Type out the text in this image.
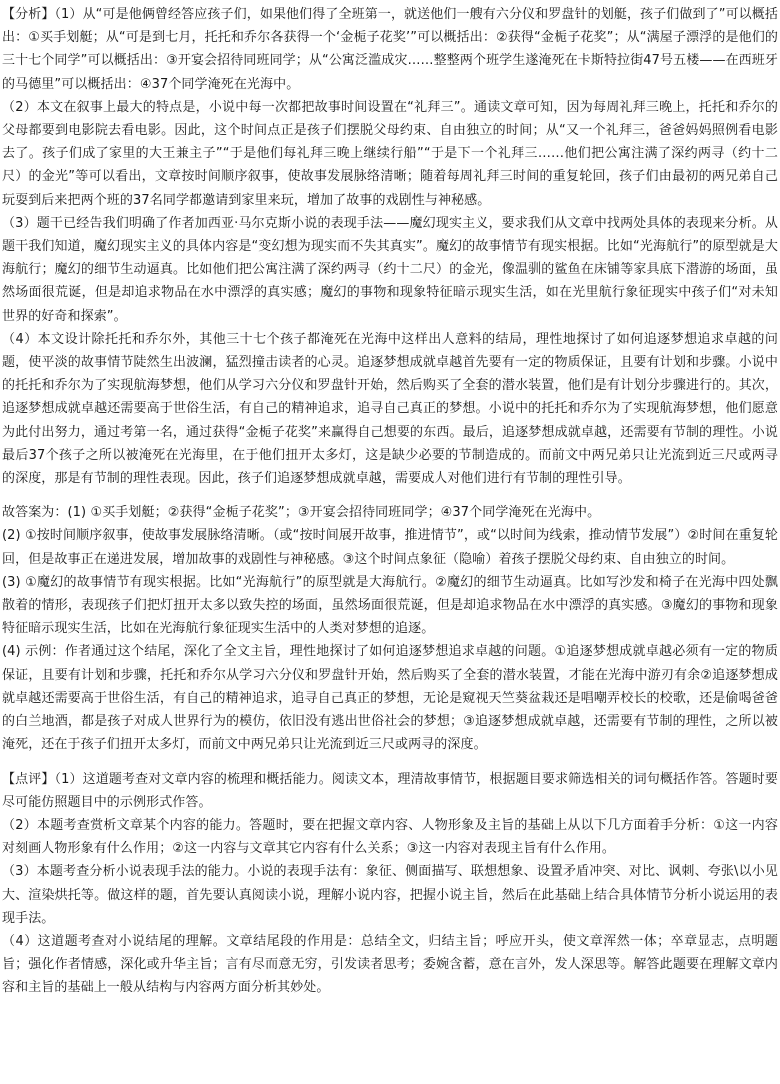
【分析】（1）从“可是他俩曾经答应孩子们，如果他们得了全班第一，就送他们一艘有六分仪和罗盘针的划艇，孩子们做到了”可以概括出：①买手划艇；从“可是到七月，托托和乔尔各获得一个‘金栀子花奖’”可以概括出：②获得“金栀子花奖”；从“满屋子漂浮的是他们的三十七个同学”可以概括出：③开宴会招待同班同学；从“公寓泛滥成灾……整整两个班学生遂淹死在卡斯特拉街47号五楼——在西班牙的马德里”可以概括出：④37个同学淹死在光海中。

（2）本文在叙事上最大的特点是，小说中每一次都把故事时间设置在“礼拜三”。通读文章可知，因为每周礼拜三晚上，托托和乔尔的父母都要到电影院去看电影。因此，这个时间点正是孩子们摆脱父母约束、自由独立的时间；从“又一个礼拜三，爸爸妈妈照例看电影去了。孩子们成了家里的大王兼主子”“于是他们每礼拜三晚上继续行船”“于是下一个礼拜三……他们把公寓注满了深约两寻（约十二尺）的金光”等可以看出，文章按时间顺序叙事，使故事发展脉络清晰；随着每周礼拜三时间的重复轮回，孩子们由最初的两兄弟自己玩耍到后来把两个班的37名同学都邀请到家里来玩，增加了故事的戏剧性与神秘感。

（3）题干已经告我们明确了作者加西亚·马尔克斯小说的表现手法——魔幻现实主义，要求我们从文章中找两处具体的表现来分析。从题干我们知道，魔幻现实主义的具体内容是“变幻想为现实而不失其真实”。魔幻的故事情节有现实根据。比如“光海航行”的原型就是大海航行；魔幻的细节生动逼真。比如他们把公寓注满了深约两寻（约十二尺）的金光，像温驯的鲨鱼在床铺等家具底下潜游的场面，虽然场面很荒诞，但是却追求物品在水中漂浮的真实感；魔幻的事物和现象特征暗示现实生活，如在光里航行象征现实中孩子们“对未知世界的好奇和探索”。

（4）本文设计除托托和乔尔外，其他三十七个孩子都淹死在光海中这样出人意料的结局，理性地探讨了如何追逐梦想追求卓越的问题，使平淡的故事情节陡然生出波澜，猛烈撞击读者的心灵。追逐梦想成就卓越首先要有一定的物质保证，且要有计划和步骤。小说中的托托和乔尔为了实现航海梦想，他们从学习六分仪和罗盘针开始，然后购买了全套的潜水装置，他们是有计划分步骤进行的。其次，追逐梦想成就卓越还需要高于世俗生活，有自己的精神追求，追寻自己真正的梦想。小说中的托托和乔尔为了实现航海梦想，他们愿意为此付出努力，通过考第一名，通过获得“金栀子花奖”来赢得自己想要的东西。最后，追逐梦想成就卓越，还需要有节制的理性。小说最后37个孩子之所以被淹死在光海里，在于他们扭开太多灯，这是缺少必要的节制造成的。而前文中两兄弟只让光流到近三尺或两寻的深度，那是有节制的理性表现。因此，孩子们追逐梦想成就卓越，需要成人对他们进行有节制的理性引导。

故答案为：(1) ①买手划艇；②获得“金栀子花奖”；③开宴会招待同班同学；④37个同学淹死在光海中。

(2) ①按时间顺序叙事，使故事发展脉络清晰。（或“按时间展开故事，推进情节”，或“以时间为线索，推动情节发展”）②时间在重复轮回，但是故事正在递进发展，增加故事的戏剧性与神秘感。③这个时间点象征（隐喻）着孩子摆脱父母约束、自由独立的时间。

(3) ①魔幻的故事情节有现实根据。比如“光海航行”的原型就是大海航行。②魔幻的细节生动逼真。比如写沙发和椅子在光海中四处飘散着的情形，表现孩子们把灯扭开太多以致失控的场面，虽然场面很荒诞，但是却追求物品在水中漂浮的真实感。③魔幻的事物和现象特征暗示现实生活，比如在光海航行象征现实生活中的人类对梦想的追逐。

(4) 示例：作者通过这个结尾，深化了全文主旨，理性地探讨了如何追逐梦想追求卓越的问题。①追逐梦想成就卓越必须有一定的物质保证，且要有计划和步骤，托托和乔尔从学习六分仪和罗盘针开始，然后购买了全套的潜水装置，才能在光海中游刃有余②追逐梦想成就卓越还需要高于世俗生活，有自己的精神追求，追寻自己真正的梦想，无论是窥视天竺葵盆栽还是唱嘲弄校长的校歌，还是偷喝爸爸的白兰地酒，都是孩子对成人世界行为的模仿，依旧没有逃出世俗社会的梦想；③追逐梦想成就卓越，还需要有节制的理性，之所以被淹死，还在于孩子们扭开太多灯，而前文中两兄弟只让光流到近三尺或两寻的深度。

【点评】（1）这道题考查对文章内容的梳理和概括能力。阅读文本，理清故事情节，根据题目要求筛选相关的词句概括作答。答题时要尽可能仿照题目中的示例形式作答。

（2）本题考查赏析文章某个内容的能力。答题时，要在把握文章内容、人物形象及主旨的基础上从以下几方面着手分析：①这一内容对刻画人物形象有什么作用；②这一内容与文章其它内容有什么关系；③这一内容对表现主旨有什么作用。

（3）本题考查分析小说表现手法的能力。小说的表现手法有：象征、侧面描写、联想想象、设置矛盾冲突、对比、讽刺、夸张\以小见大、渲染烘托等。做这样的题，首先要认真阅读小说，理解小说内容，把握小说主旨，然后在此基础上结合具体情节分析小说运用的表现手法。

（4）这道题考查对小说结尾的理解。文章结尾段的作用是：总结全文，归结主旨；呼应开头，使文章浑然一体；卒章显志，点明题旨；强化作者情感，深化或升华主旨；言有尽而意无穷，引发读者思考；委婉含蓄，意在言外，发人深思等。解答此题要在理解文章内容和主旨的基础上一般从结构与内容两方面分析其妙处。
